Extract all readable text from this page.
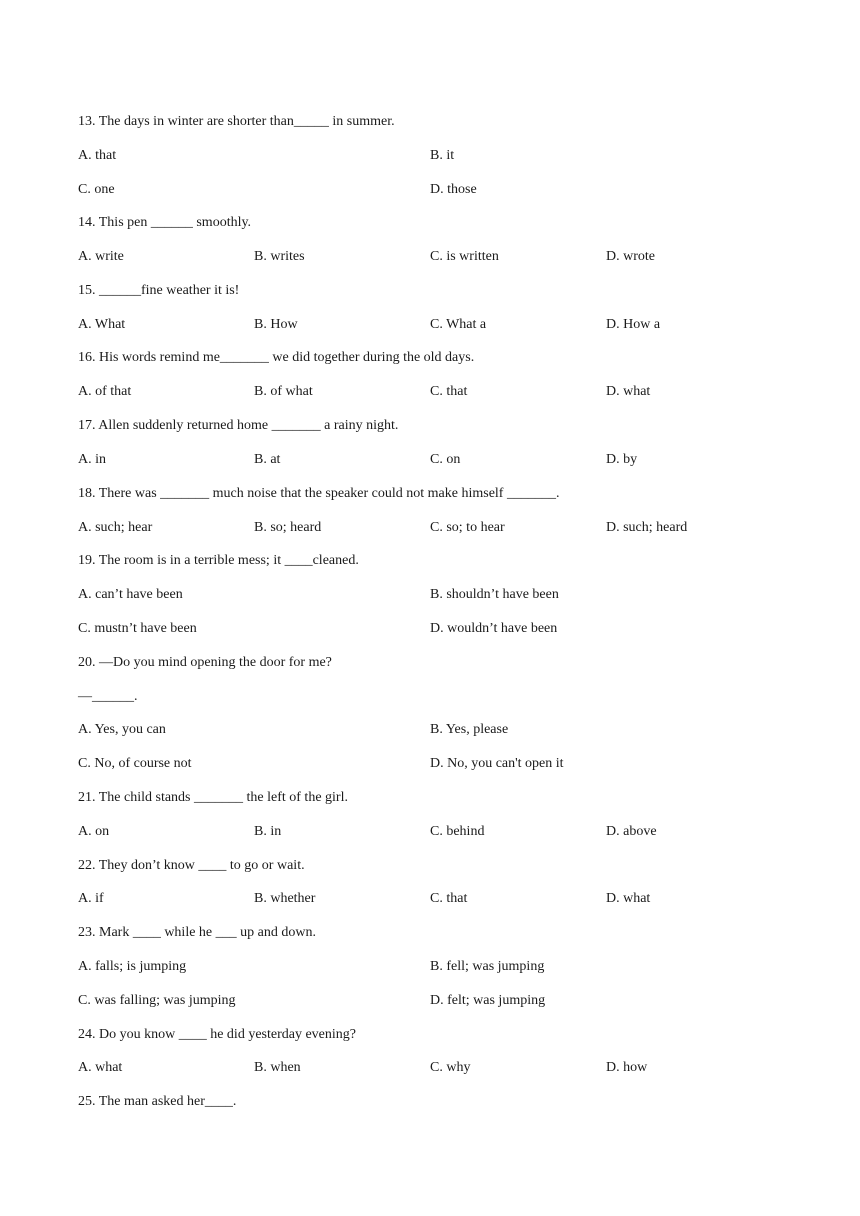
13. The days in winter are shorter than_____ in summer.
A. that	B. it
C. one	D. those
14. This pen ______ smoothly.
A. write	B. writes	C. is written	D. wrote
15. ______fine weather it is!
A. What	B. How	C. What a	D. How a
16. His words remind me_______ we did together during the old days.
A. of that	B. of what	C. that	D. what
17. Allen suddenly returned home _______ a rainy night.
A. in	B. at	C. on	D. by
18. There was _______ much noise that the speaker could not make himself _______.
A. such; hear	B. so; heard	C. so; to hear	D. such; heard
19. The room is in a terrible mess; it ____cleaned.
A. can’t have been	B. shouldn’t have been
C. mustn’t have been	D. wouldn’t have been
20. —Do you mind opening the door for me?
—______.
A. Yes, you can	B. Yes, please
C. No, of course not	D. No, you can't open it
21. The child stands _______ the left of the girl.
A. on	B. in	C. behind	D. above
22. They don’t know ____ to go or wait.
A. if	B. whether	C. that	D. what
23. Mark ____ while he ___ up and down.
A. falls; is jumping	B. fell; was jumping
C. was falling; was jumping	D. felt; was jumping
24. Do you know ____ he did yesterday evening?
A. what	B. when	C. why	D. how
25. The man asked her____.
